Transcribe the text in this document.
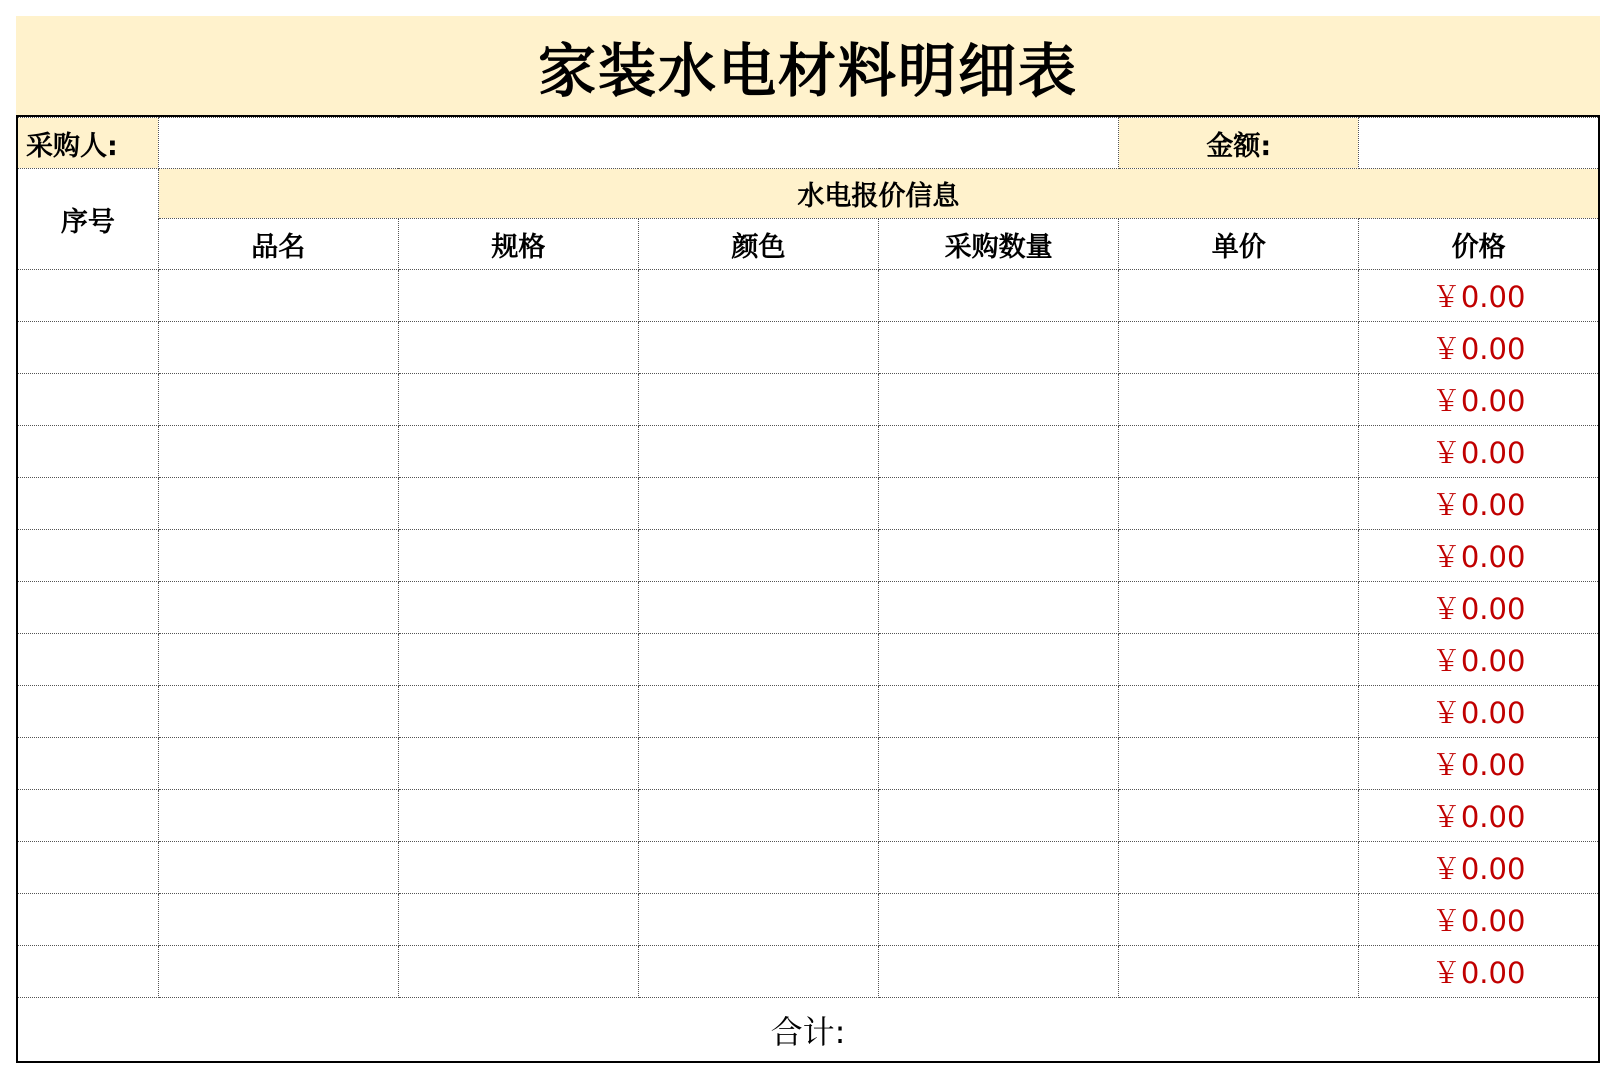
家装水电材料明细表
采购人:					金额:	
序号	水电报价信息					
	品名	规格	颜色	采购数量	单价	价格
						￥0.00
						￥0.00
						￥0.00
						￥0.00
						￥0.00
						￥0.00
						￥0.00
						￥0.00
						￥0.00
						￥0.00
						￥0.00
						￥0.00
						￥0.00
						￥0.00
合计:						
